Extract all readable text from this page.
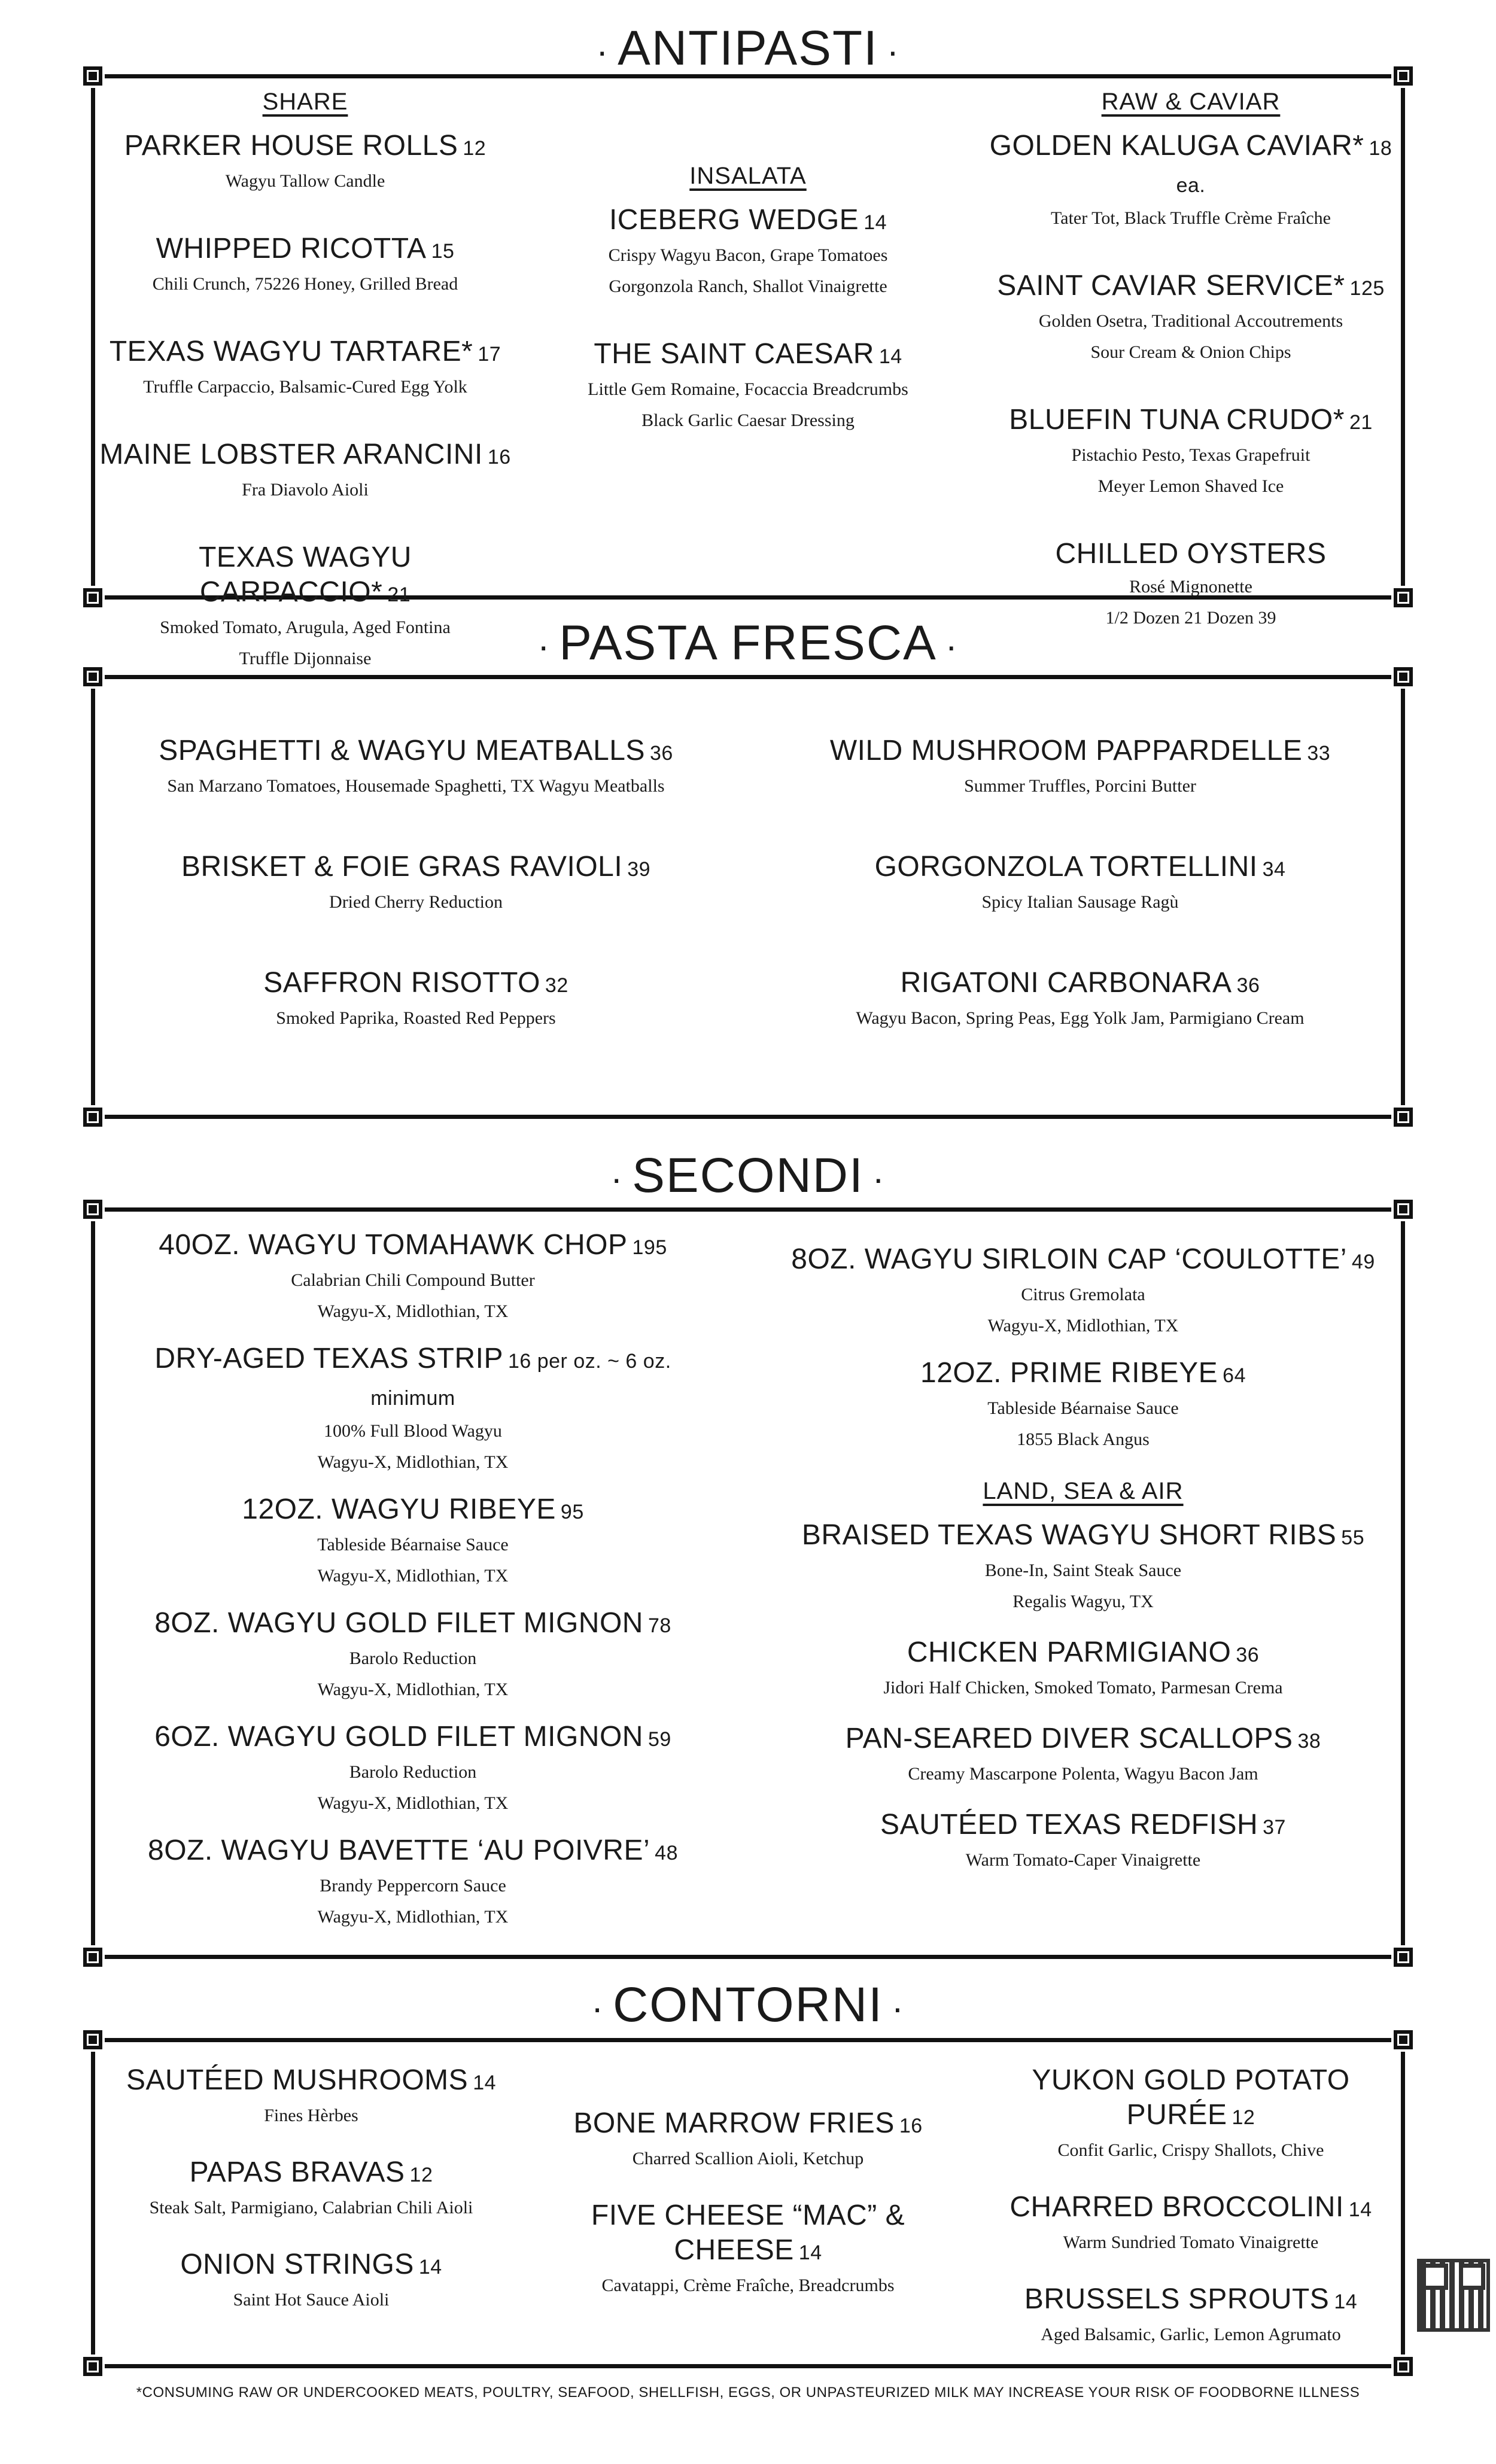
· ANTIPASTI ·
SHARE
PARKER HOUSE ROLLS 12
Wagyu Tallow Candle
WHIPPED RICOTTA 15
Chili Crunch, 75226 Honey, Grilled Bread
TEXAS WAGYU TARTARE* 17
Truffle Carpaccio, Balsamic-Cured Egg Yolk
MAINE LOBSTER ARANCINI 16
Fra Diavolo Aioli
TEXAS WAGYU CARPACCIO* 21
Smoked Tomato, Arugula, Aged Fontina
Truffle Dijonnaise
INSALATA
ICEBERG WEDGE 14
Crispy Wagyu Bacon, Grape Tomatoes
Gorgonzola Ranch, Shallot Vinaigrette
THE SAINT CAESAR 14
Little Gem Romaine, Focaccia Breadcrumbs
Black Garlic Caesar Dressing
RAW & CAVIAR
GOLDEN KALUGA CAVIAR* 18 ea.
Tater Tot, Black Truffle Crème Fraîche
SAINT CAVIAR SERVICE* 125
Golden Osetra, Traditional Accoutrements
Sour Cream & Onion Chips
BLUEFIN TUNA CRUDO* 21
Pistachio Pesto, Texas Grapefruit
Meyer Lemon Shaved Ice
CHILLED OYSTERS
Rosé Mignonette
1/2 Dozen 21 Dozen 39
· PASTA FRESCA ·
SPAGHETTI & WAGYU MEATBALLS 36
San Marzano Tomatoes, Housemade Spaghetti, TX Wagyu Meatballs
BRISKET & FOIE GRAS RAVIOLI 39
Dried Cherry Reduction
SAFFRON RISOTTO 32
Smoked Paprika, Roasted Red Peppers
WILD MUSHROOM PAPPARDELLE 33
Summer Truffles, Porcini Butter
GORGONZOLA TORTELLINI 34
Spicy Italian Sausage Ragù
RIGATONI CARBONARA 36
Wagyu Bacon, Spring Peas, Egg Yolk Jam, Parmigiano Cream
· SECONDI ·
40OZ. WAGYU TOMAHAWK CHOP 195
Calabrian Chili Compound Butter
Wagyu-X, Midlothian, TX
DRY-AGED TEXAS STRIP 16 per oz. ~ 6 oz. minimum
100% Full Blood Wagyu
Wagyu-X, Midlothian, TX
12OZ. WAGYU RIBEYE 95
Tableside Béarnaise Sauce
Wagyu-X, Midlothian, TX
8OZ. WAGYU GOLD FILET MIGNON 78
Barolo Reduction
Wagyu-X, Midlothian, TX
6OZ. WAGYU GOLD FILET MIGNON 59
Barolo Reduction
Wagyu-X, Midlothian, TX
8OZ. WAGYU BAVETTE ‘AU POIVRE’ 48
Brandy Peppercorn Sauce
Wagyu-X, Midlothian, TX
8OZ. WAGYU SIRLOIN CAP ‘COULOTTE’ 49
Citrus Gremolata
Wagyu-X, Midlothian, TX
12OZ. PRIME RIBEYE 64
Tableside Béarnaise Sauce
1855 Black Angus
LAND, SEA & AIR
BRAISED TEXAS WAGYU SHORT RIBS 55
Bone-In, Saint Steak Sauce
Regalis Wagyu, TX
CHICKEN PARMIGIANO 36
Jidori Half Chicken, Smoked Tomato, Parmesan Crema
PAN-SEARED DIVER SCALLOPS 38
Creamy Mascarpone Polenta, Wagyu Bacon Jam
SAUTÉED TEXAS REDFISH 37
Warm Tomato-Caper Vinaigrette
· CONTORNI ·
SAUTÉED MUSHROOMS 14
Fines Hèrbes
PAPAS BRAVAS 12
Steak Salt, Parmigiano, Calabrian Chili Aioli
ONION STRINGS 14
Saint Hot Sauce Aioli
BONE MARROW FRIES 16
Charred Scallion Aioli, Ketchup
FIVE CHEESE “MAC” & CHEESE 14
Cavatappi, Crème Fraîche, Breadcrumbs
YUKON GOLD POTATO PURÉE 12
Confit Garlic, Crispy Shallots, Chive
CHARRED BROCCOLINI 14
Warm Sundried Tomato Vinaigrette
BRUSSELS SPROUTS 14
Aged Balsamic, Garlic, Lemon Agrumato
*CONSUMING RAW OR UNDERCOOKED MEATS, POULTRY, SEAFOOD, SHELLFISH, EGGS, OR UNPASTEURIZED MILK MAY INCREASE YOUR RISK OF FOODBORNE ILLNESS
